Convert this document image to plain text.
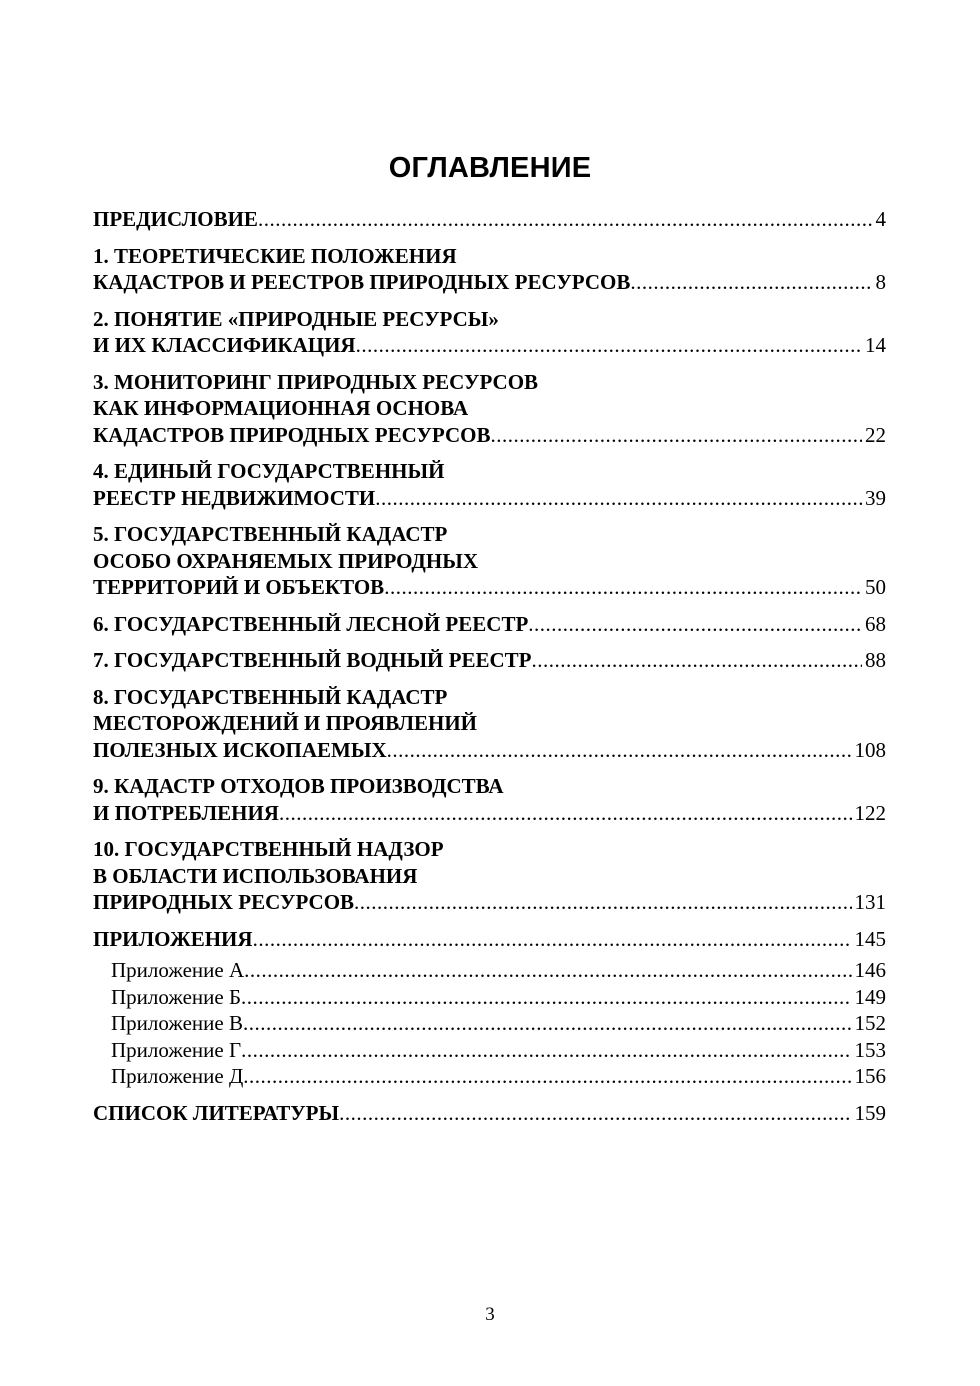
ОГЛАВЛЕНИЕ
ПРЕДИСЛОВИЕ .....	4
1. ТЕОРЕТИЧЕСКИЕ ПОЛОЖЕНИЯ
КАДАСТРОВ И РЕЕСТРОВ ПРИРОДНЫХ РЕСУРСОВ .....	8
2. ПОНЯТИЕ «ПРИРОДНЫЕ РЕСУРСЫ»
И ИХ КЛАССИФИКАЦИЯ .....	14
3. МОНИТОРИНГ ПРИРОДНЫХ РЕСУРСОВ
КАК ИНФОРМАЦИОННАЯ ОСНОВА
КАДАСТРОВ ПРИРОДНЫХ РЕСУРСОВ .....	22
4. ЕДИНЫЙ ГОСУДАРСТВЕННЫЙ
РЕЕСТР НЕДВИЖИМОСТИ .....	39
5. ГОСУДАРСТВЕННЫЙ КАДАСТР
ОСОБО ОХРАНЯЕМЫХ ПРИРОДНЫХ
ТЕРРИТОРИЙ И ОБЪЕКТОВ .....	50
6. ГОСУДАРСТВЕННЫЙ ЛЕСНОЙ РЕЕСТР .....	68
7. ГОСУДАРСТВЕННЫЙ ВОДНЫЙ РЕЕСТР .....	88
8. ГОСУДАРСТВЕННЫЙ КАДАСТР
МЕСТОРОЖДЕНИЙ И ПРОЯВЛЕНИЙ
ПОЛЕЗНЫХ ИСКОПАЕМЫХ .....	108
9. КАДАСТР ОТХОДОВ ПРОИЗВОДСТВА
И ПОТРЕБЛЕНИЯ .....	122
10. ГОСУДАРСТВЕННЫЙ НАДЗОР
В ОБЛАСТИ ИСПОЛЬЗОВАНИЯ
ПРИРОДНЫХ РЕСУРСОВ .....	131
ПРИЛОЖЕНИЯ .....	145
Приложение А .....	146
Приложение Б .....	149
Приложение В .....	152
Приложение Г .....	153
Приложение Д .....	156
СПИСОК ЛИТЕРАТУРЫ .....	159
3
